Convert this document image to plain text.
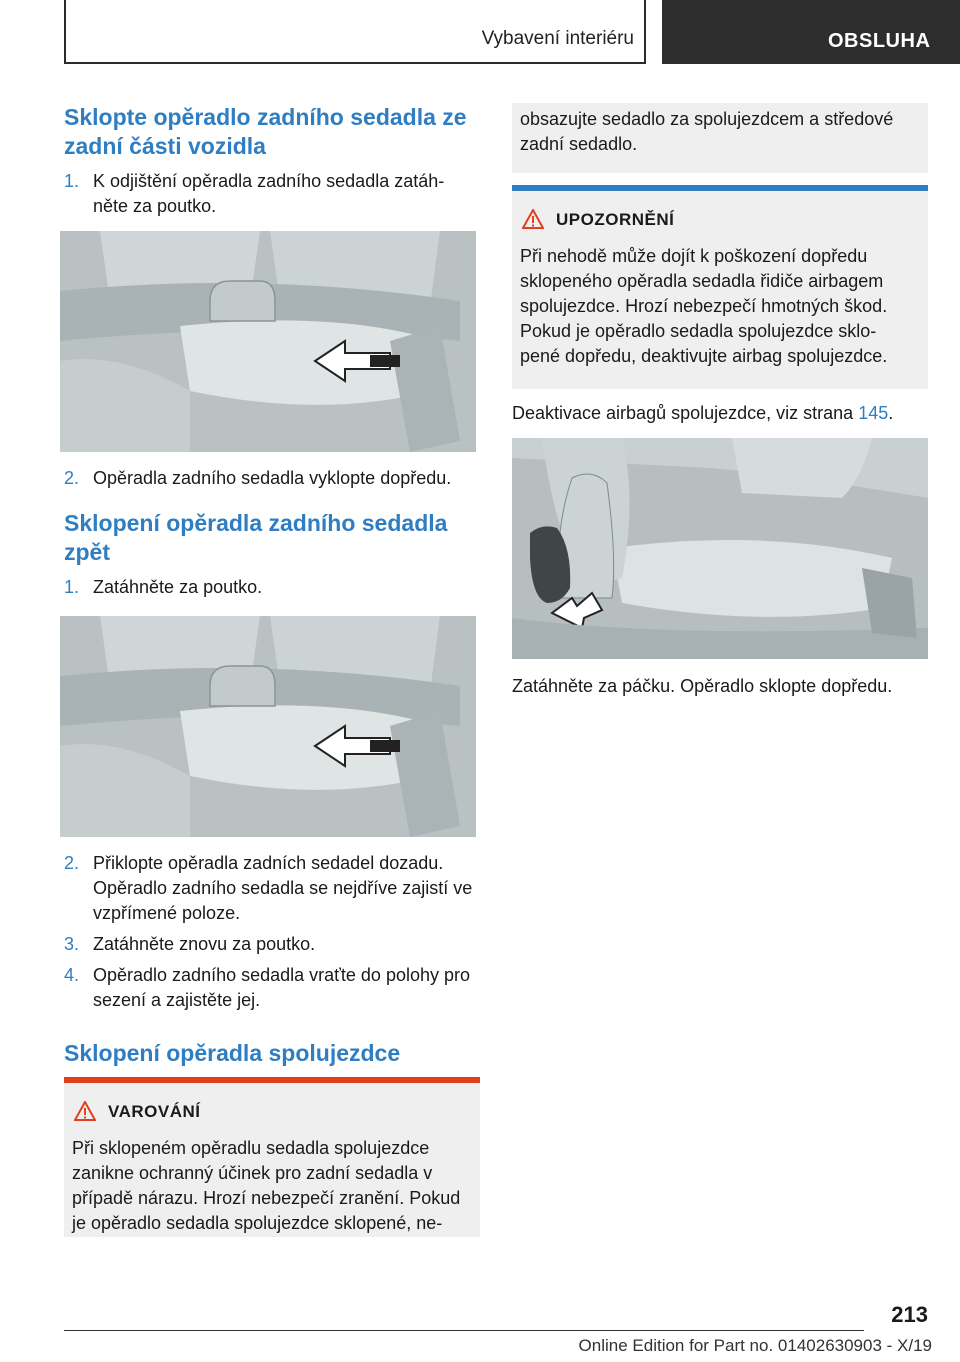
Vybavení interiéru	OBSLUHA
Sklopte opěradlo zadního sedadla ze zadní části vozidla
1. K odjištění opěradla zadního sedadla zatáh‐ něte za poutko.
2. Opěradla zadního sedadla vyklopte dopředu.
Sklopení opěradla zadního sedadla zpět
1. Zatáhněte za poutko.
2. Přiklopte opěradla zadních sedadel dozadu. Opěradlo zadního sedadla se nejdříve zajistí ve vzpřímené poloze.
3. Zatáhněte znovu za poutko.
4. Opěradlo zadního sedadla vraťte do polohy pro sezení a zajistěte jej.
Sklopení opěradla spolujezdce
VAROVÁNÍ
Při sklopeném opěradlu sedadla spolujezdce zanikne ochranný účinek pro zadní sedadla v případě nárazu. Hrozí nebezpečí zranění. Pokud je opěradlo sedadla spolujezdce sklopené, ne‐
obsazujte sedadlo za spolujezdcem a středové zadní sedadlo.
UPOZORNĚNÍ
Při nehodě může dojít k poškození dopředu sklopeného opěradla sedadla řidiče airbagem spolujezdce. Hrozí nebezpečí hmotných škod. Pokud je opěradlo sedadla spolujezdce sklo‐ pené dopředu, deaktivujte airbag spolujezdce.
Deaktivace airbagů spolujezdce, viz strana 145.
Zatáhněte za páčku. Opěradlo sklopte dopředu.
213
Online Edition for Part no. 01402630903 - X/19
